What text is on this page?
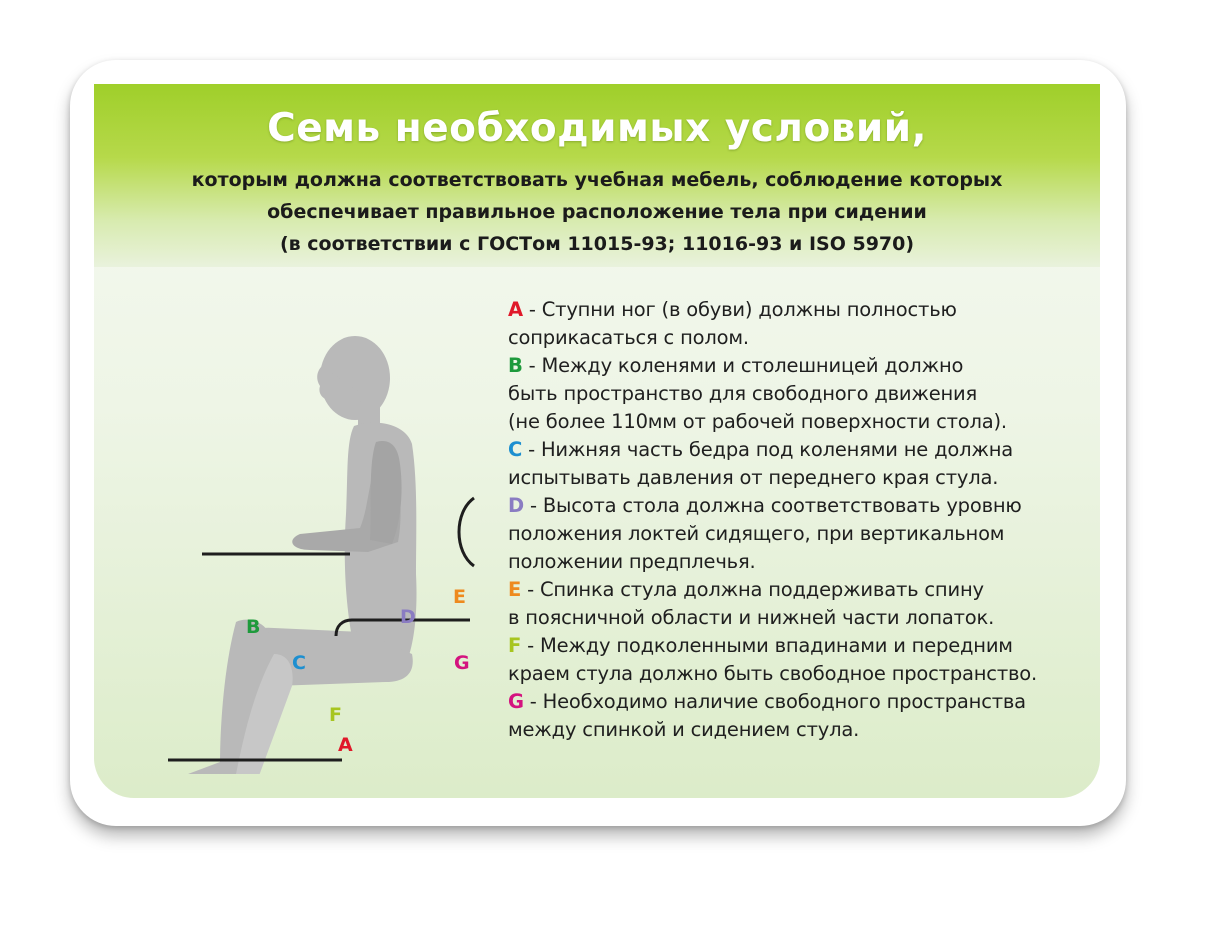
Семь необходимых условий,
которым должна соответствовать учебная мебель, соблюдение которых
обеспечивает правильное расположение тела при сидении
(в соответствии с ГОСТом 11015-93; 11016-93 и ISO 5970)
A
B
C
D
E
F
G
A - Ступни ног (в обуви) должны полностью
соприкасаться с полом.
B - Между коленями и столешницей должно
быть пространство для свободного движения
(не более 110мм от рабочей поверхности стола).
C - Нижняя часть бедра под коленями не должна
испытывать давления от переднего края стула.
D - Высота стола должна соответствовать уровню
положения локтей сидящего, при вертикальном
положении предплечья.
E - Спинка стула должна поддерживать спину
в поясничной области и нижней части лопаток.
F - Между подколенными впадинами и передним
краем стула должно быть свободное пространство.
G - Необходимо наличие свободного пространства
между спинкой и сидением стула.
